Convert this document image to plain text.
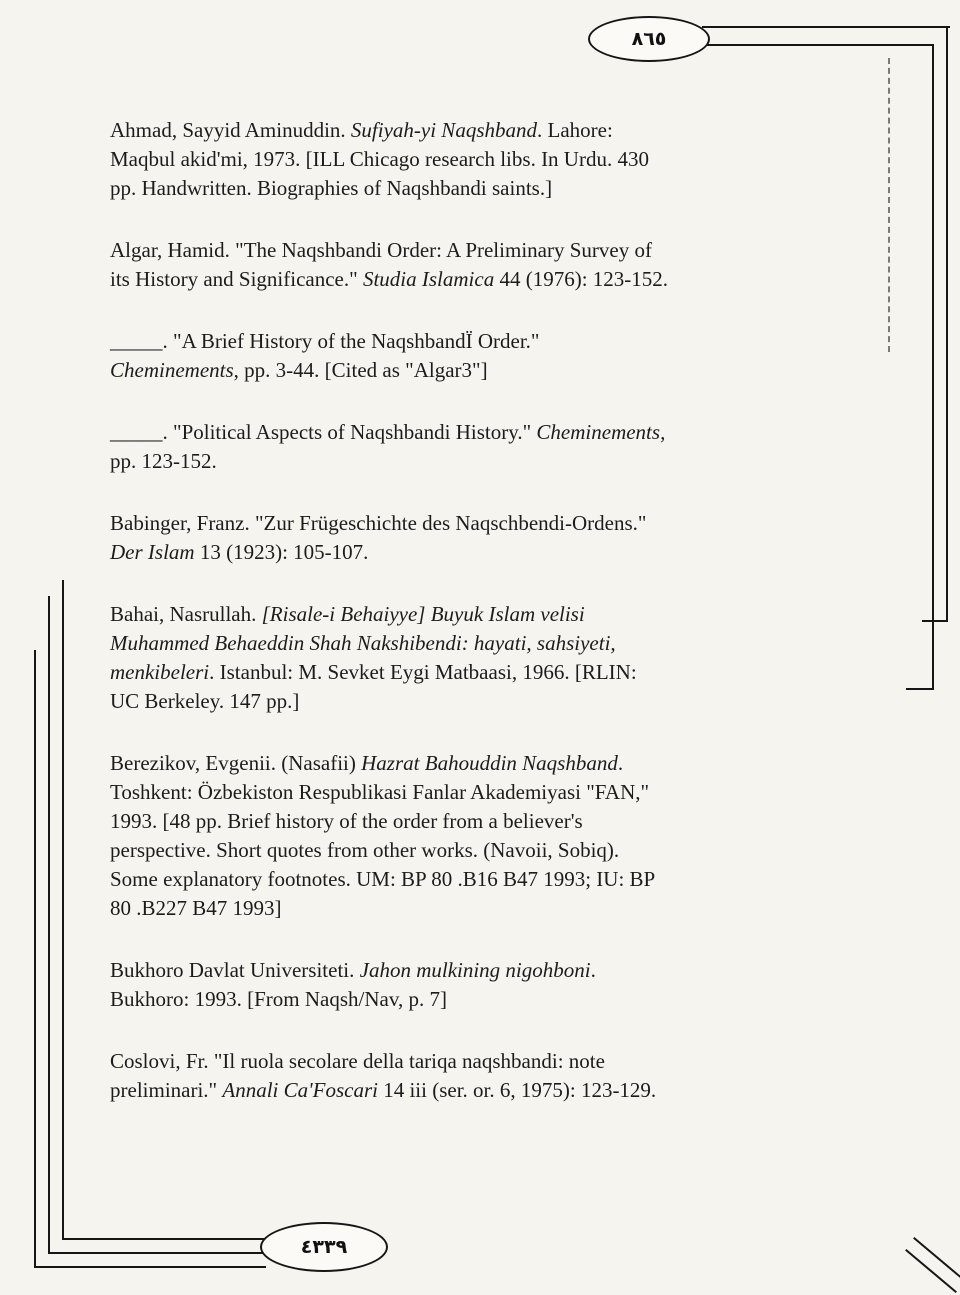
٨٦٥
٤٣٣٩

Ahmad, Sayyid Aminuddin. Sufiyah-yi Naqshband. Lahore:
Maqbul akid'mi, 1973. [ILL Chicago research libs. In Urdu. 430
pp. Handwritten. Biographies of Naqshbandi saints.]

Algar, Hamid. "The Naqshbandi Order: A Preliminary Survey of
its History and Significance." Studia Islamica 44 (1976): 123-152.

_____. "A Brief History of the NaqshbandÏ Order."
Cheminements, pp. 3-44. [Cited as "Algar3"]

_____. "Political Aspects of Naqshbandi History." Cheminements,
pp. 123-152.

Babinger, Franz. "Zur Frügeschichte des Naqschbendi-Ordens."
Der Islam 13 (1923): 105-107.

Bahai, Nasrullah. [Risale-i Behaiyye] Buyuk Islam velisi
Muhammed Behaeddin Shah Nakshibendi: hayati, sahsiyeti,
menkibeleri. Istanbul: M. Sevket Eygi Matbaasi, 1966. [RLIN:
UC Berkeley. 147 pp.]

Berezikov, Evgenii. (Nasafii) Hazrat Bahouddin Naqshband.
Toshkent: Özbekiston Respublikasi Fanlar Akademiyasi "FAN,"
1993. [48 pp. Brief history of the order from a believer's
perspective. Short quotes from other works. (Navoii, Sobiq).
Some explanatory footnotes. UM: BP 80 .B16 B47 1993; IU: BP
80 .B227 B47 1993]

Bukhoro Davlat Universiteti. Jahon mulkining nigohboni.
Bukhoro: 1993. [From Naqsh/Nav, p. 7]

Coslovi, Fr. "Il ruola secolare della tariqa naqshbandi: note
preliminari." Annali Ca'Foscari 14 iii (ser. or. 6, 1975): 123-129.
